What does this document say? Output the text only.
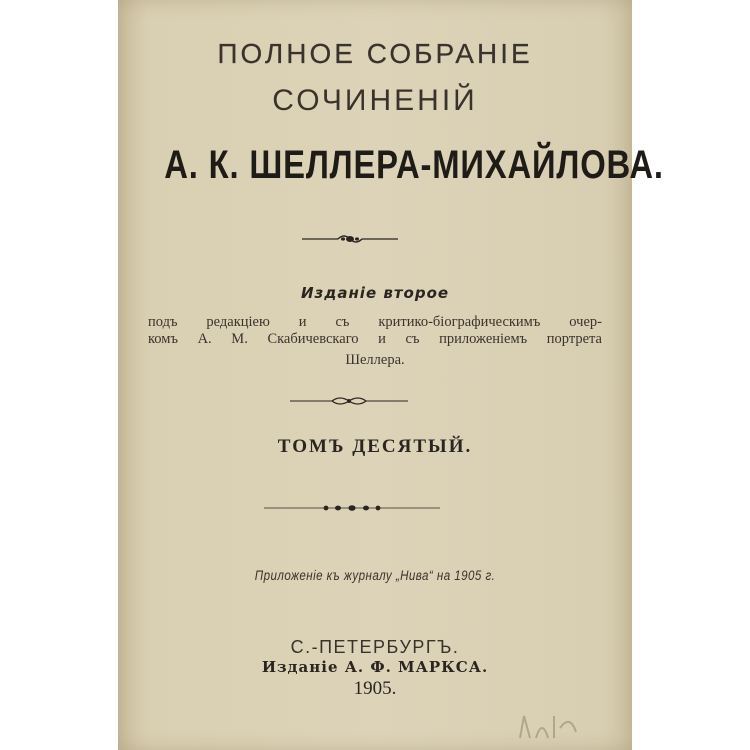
ПОЛНОЕ СОБРАНІЕ
СОЧИНЕНІЙ
А. К. ШЕЛЛЕРА-МИХАЙЛОВА.
Изданіе второе
подъ редакціею и съ критико-біографическимъ очер-
комъ А. М. Скабичевскаго и съ приложеніемъ портрета
Шеллера.
ТОМЪ ДЕСЯТЫЙ.
Приложеніе къ журналу „Нива“ на 1905 г.
С.-ПЕТЕРБУРГЪ.
Изданіе А. Ф. МАРКСА.
1905.
